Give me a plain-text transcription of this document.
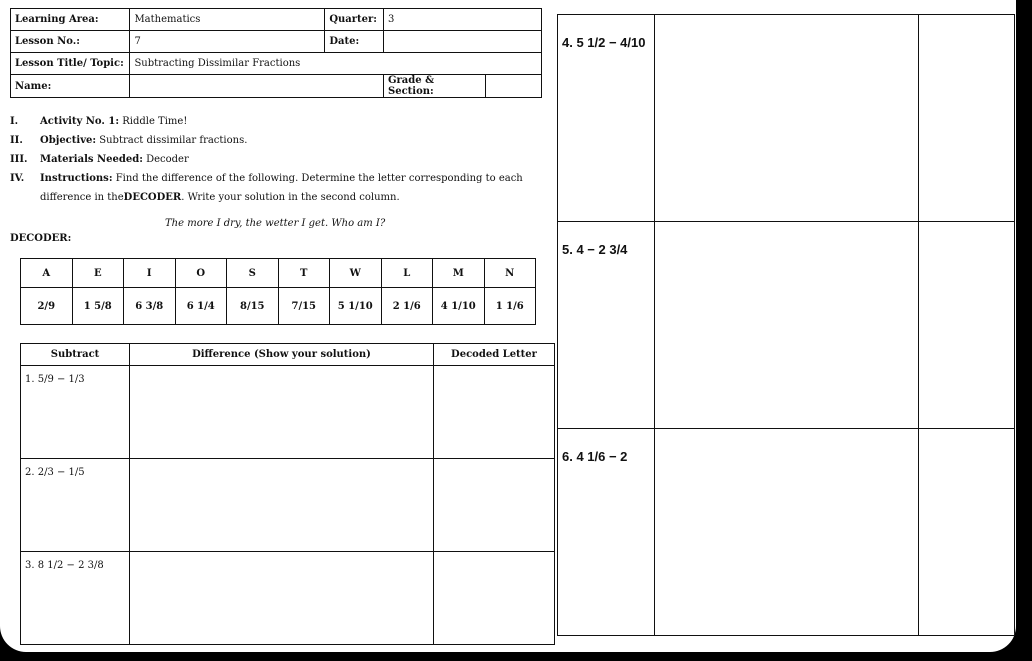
Learning Area:	Mathematics	Quarter:	3	
Lesson No.:	7	Date:		
Lesson Title/ Topic:	Subtracting Dissimilar Fractions			
Name:			Grade & Section:	
I.	Activity No. 1:
Riddle Time!
II.	Objective:
Subtract dissimilar fractions.
III.	Materials Needed:
Decoder
IV.	Instructions:
Find the difference of the following. Determine the letter corresponding to each
difference in the DECODER . Write your solution in the second column.
The more I dry, the wetter I get. Who am I?
DECODER:
A	E	I	O	S	T	W	L	M	N
2/9	1 5/8	6 3/8	6 1/4	8/15	7/15	5 1/10	2 1/6	4 1/10	1 1/6
Subtract	Difference (Show your solution)	Decoded Letter
1. 5/9 − 1/3		
2. 2/3 − 1/5		
3. 8 1/2 − 2 3/8		
4. 5 1/2 − 4/10		
5. 4 − 2 3/4		
6. 4 1/6 − 2		
